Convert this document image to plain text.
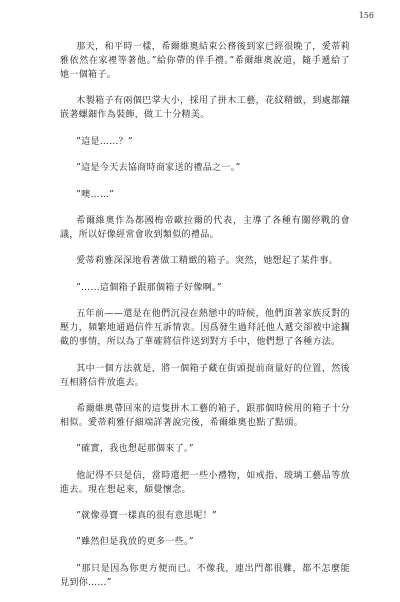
156

那天，和平時一樣，希爾維奧結束公務後到家已經很晚了，愛蒂莉雅依然在家裡等著他。”給你帶的伴手禮。”希爾維奧說道，隨手遞給了她一個箱子。

木製箱子有兩個巴掌大小，採用了拼木工藝，花紋精緻，到處都鑲嵌著螺鈿作為裝飾，做工十分精美。

”這是……？”

”這是今天去協商時商家送的禮品之一。”

”噢……”

希爾維奧作為都國梅帝歐拉爾的代表，主導了各種有關停戰的會議，所以好像經常會收到類似的禮品。

愛蒂莉雅深深地看著做工精緻的箱子。突然，她想起了某件事。

”……這個箱子跟那個箱子好像啊。”

五年前——還是在他們沉浸在熱戀中的時候，他們頂著家族反對的壓力，頻繁地通過信件互訴情衷。因爲發生過拜託他人遞交卻被中途攔截的事情，所以為了華確將信件送到對方手中，他們想了各種方法。

其中一個方法就是，將一個箱子藏在街頭提前商量好的位置，然後互相將信件放進去。

希爾維奧帶回來的這隻拼木工藝的箱子，跟那個時候用的箱子十分相似。愛蒂莉雅仔細端詳著說完後，希爾維奧也點了點頭。

”確實，我也想起那個來了。”

他記得不只是信，當時還把一些小禮物，如戒指、玻璃工藝品等放進去。現在想起來，頗覺懷念。

”就像尋寶一樣真的很有意思呢！”

”雖然但是我放的更多一些。”

”那只是因為你更方便而已。不像我，連出門都很難，都不怎麼能見到你……”
